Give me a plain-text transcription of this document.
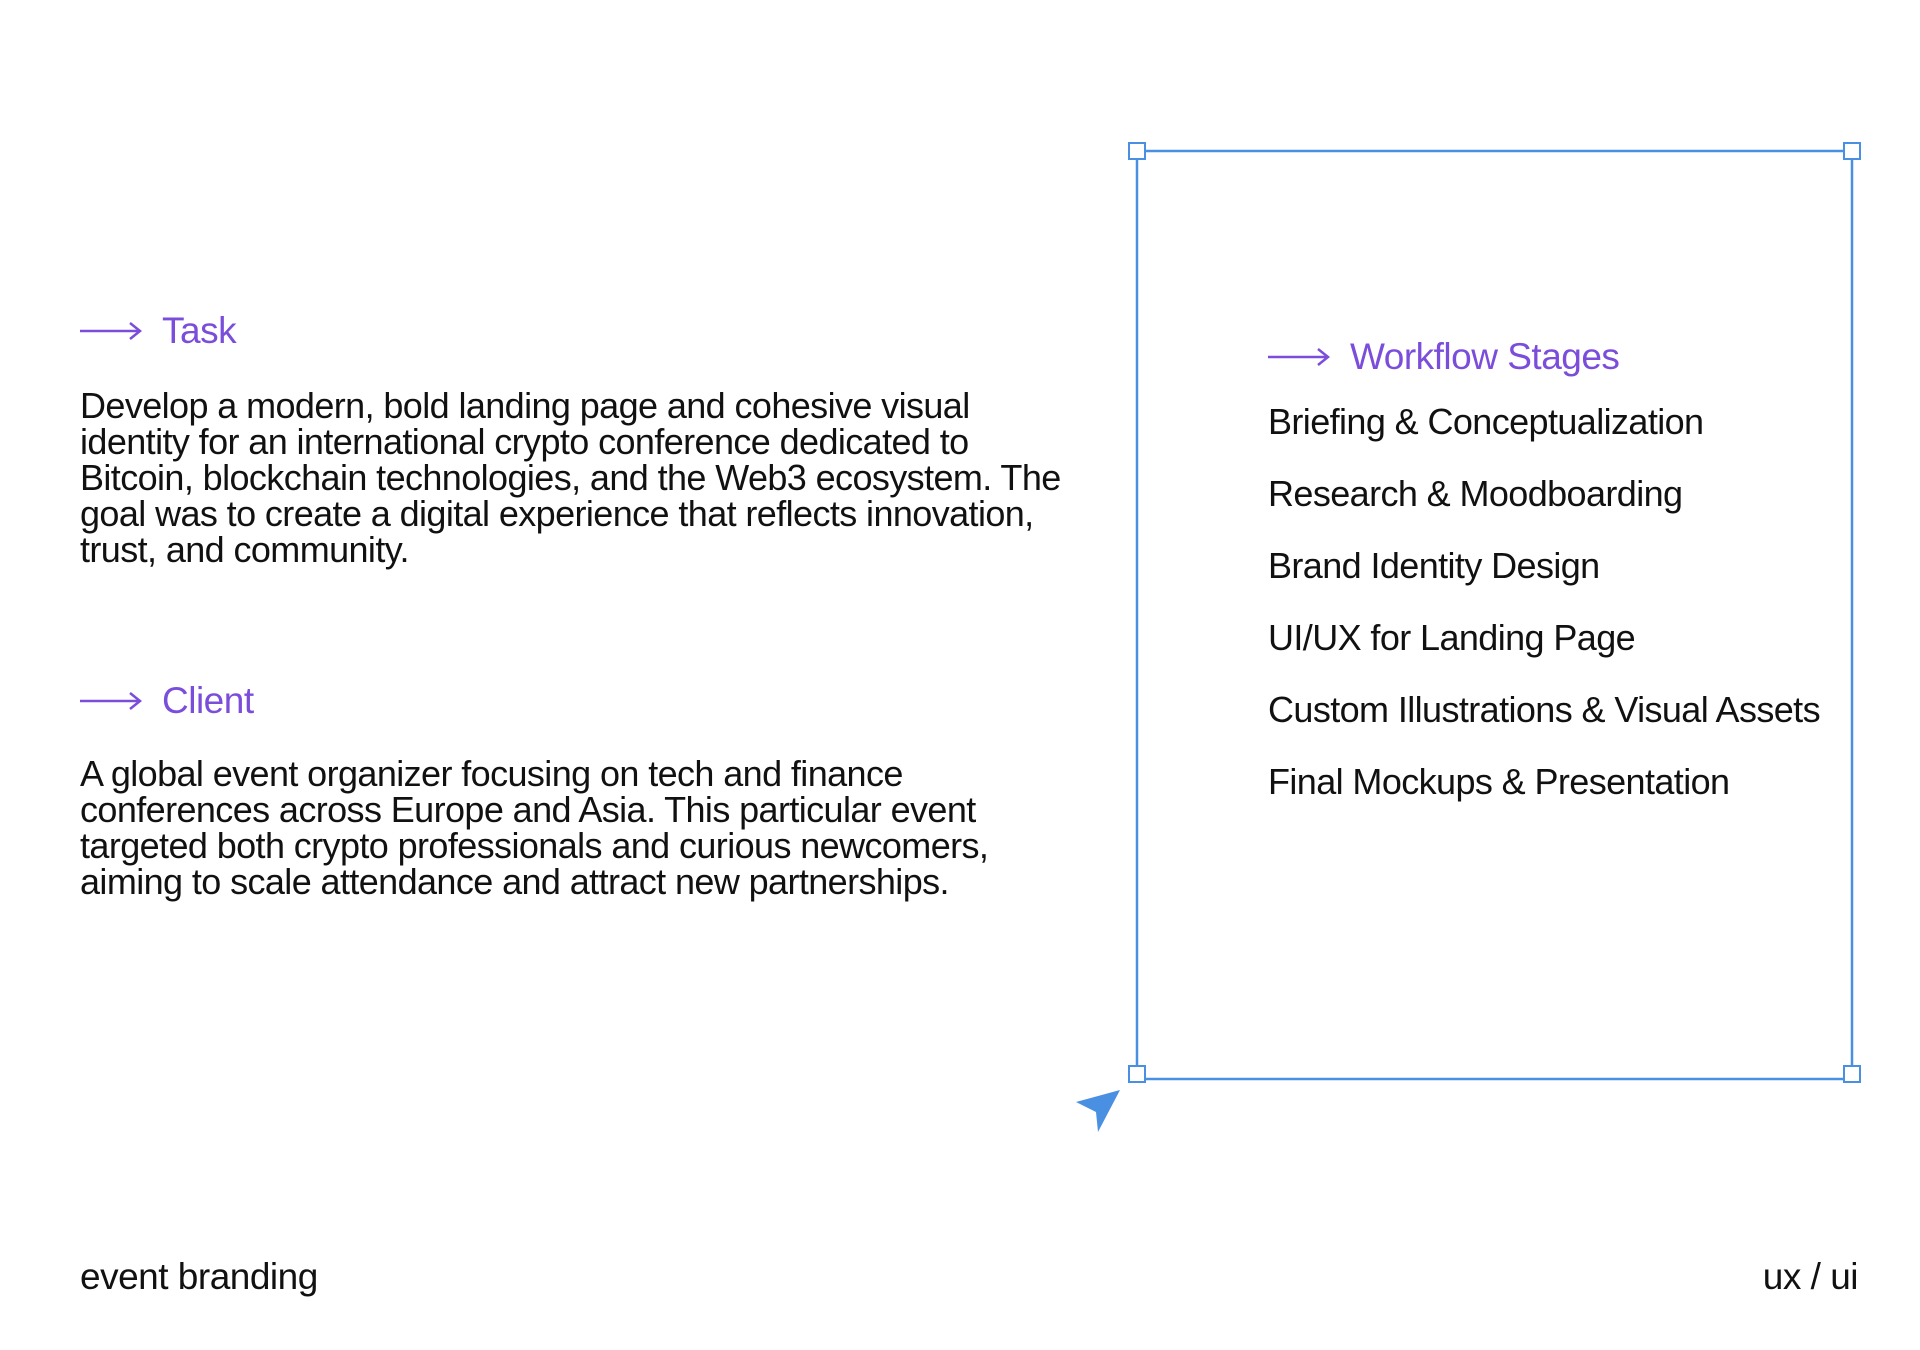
Task

Develop a modern, bold landing page and cohesive visual identity for an international crypto conference dedicated to Bitcoin, blockchain technologies, and the Web3 ecosystem. The goal was to create a digital experience that reflects innovation, trust, and community.

Client

A global event organizer focusing on tech and finance conferences across Europe and Asia. This particular event targeted both crypto professionals and curious newcomers, aiming to scale attendance and attract new partnerships.

Workflow Stages
Briefing & Conceptualization
Research & Moodboarding
Brand Identity Design
UI/UX for Landing Page
Custom Illustrations & Visual Assets
Final Mockups & Presentation
event branding	ux / ui
